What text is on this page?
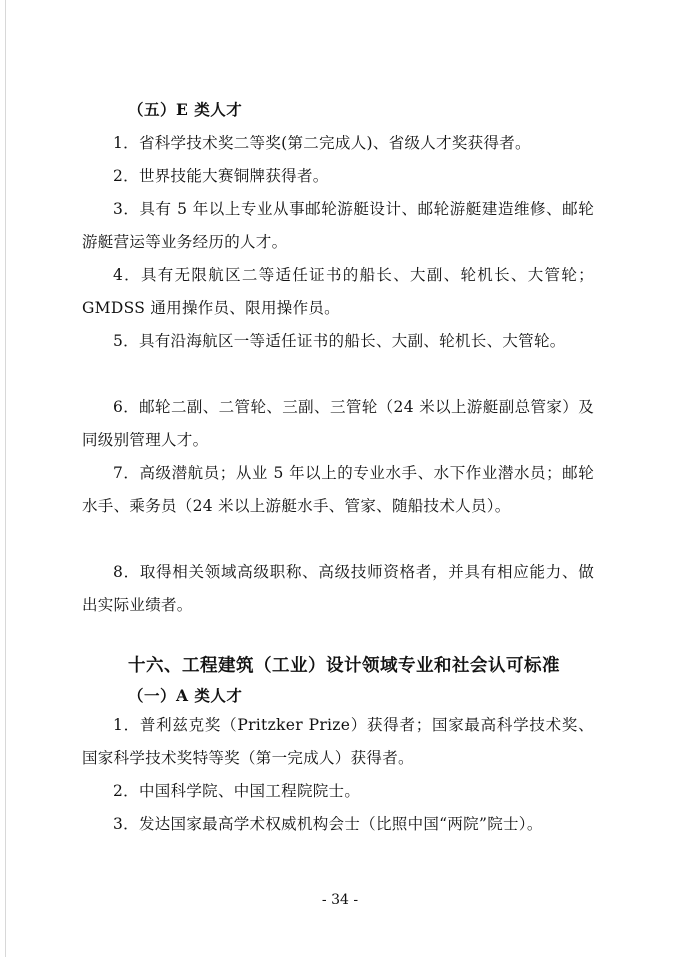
（五）E 类人才

1．省科学技术奖二等奖(第二完成人)、省级人才奖获得者。

2．世界技能大赛铜牌获得者。

3．具有 5 年以上专业从事邮轮游艇设计、邮轮游艇建造维修、邮轮游艇营运等业务经历的人才。

4．具有无限航区二等适任证书的船长、大副、轮机长、大管轮；GMDSS 通用操作员、限用操作员。

5．具有沿海航区一等适任证书的船长、大副、轮机长、大管轮。

6．邮轮二副、二管轮、三副、三管轮（24 米以上游艇副总管家）及同级别管理人才。

7．高级潜航员；从业 5 年以上的专业水手、水下作业潜水员；邮轮水手、乘务员（24 米以上游艇水手、管家、随船技术人员）。

8．取得相关领域高级职称、高级技师资格者，并具有相应能力、做出实际业绩者。

十六、工程建筑（工业）设计领域专业和社会认可标准
（一）A 类人才

1．普利兹克奖（Pritzker Prize）获得者；国家最高科学技术奖、国家科学技术奖特等奖（第一完成人）获得者。

2．中国科学院、中国工程院院士。

3．发达国家最高学术权威机构会士（比照中国“两院”院士）。

- 34 -
